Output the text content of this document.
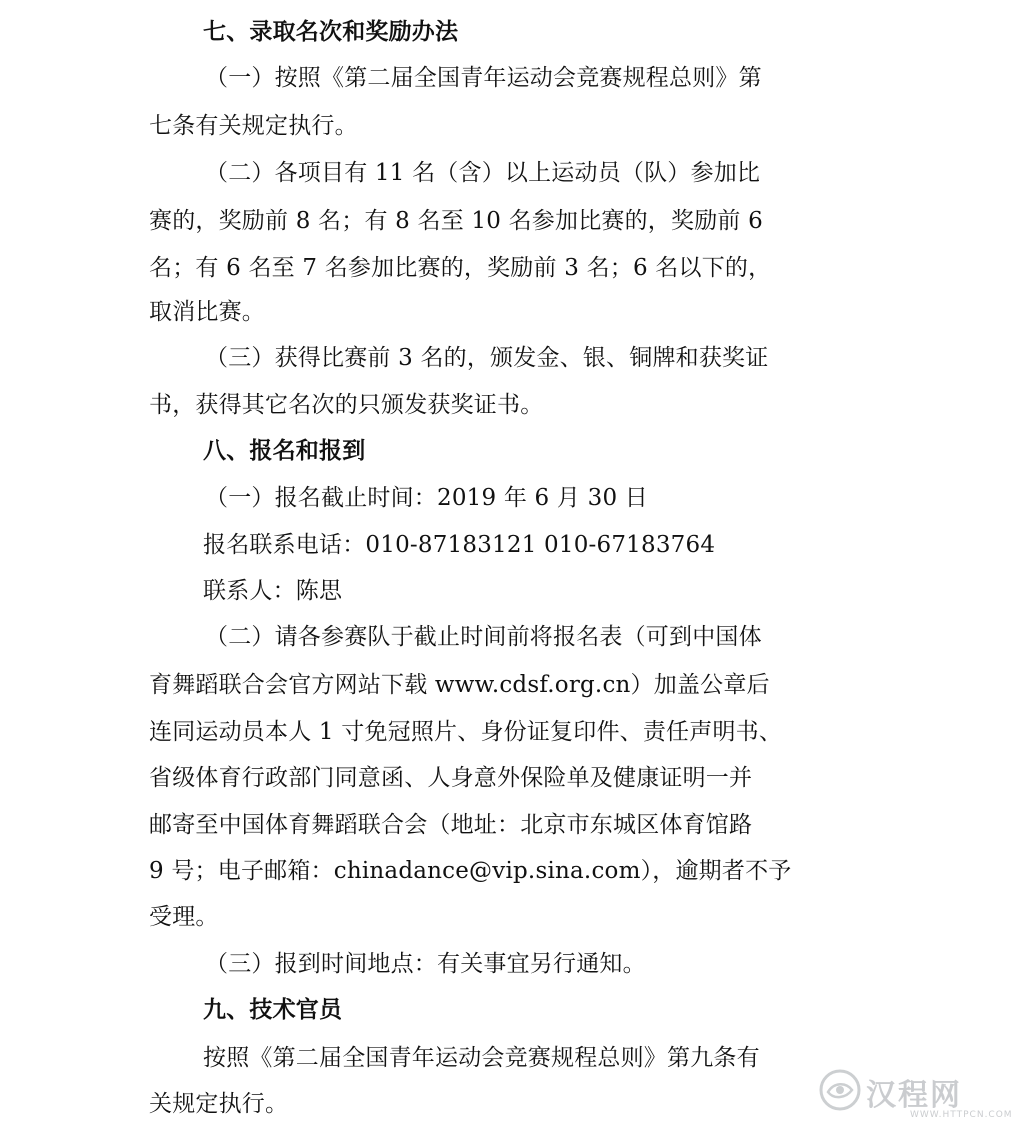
七、录取名次和奖励办法
（一）按照《第二届全国青年运动会竞赛规程总则》第
七条有关规定执行。
（二）各项目有 11 名（含）以上运动员（队）参加比
赛的，奖励前 8 名；有 8 名至 10 名参加比赛的，奖励前 6
名；有 6 名至 7 名参加比赛的，奖励前 3 名；6 名以下的，
取消比赛。
（三）获得比赛前 3 名的，颁发金、银、铜牌和获奖证
书，获得其它名次的只颁发获奖证书。
八、报名和报到
（一）报名截止时间：2019 年 6 月 30 日
报名联系电话：010-87183121 010-67183764
联系人：陈思
（二）请各参赛队于截止时间前将报名表（可到中国体
育舞蹈联合会官方网站下载 www.cdsf.org.cn）加盖公章后
连同运动员本人 1 寸免冠照片、身份证复印件、责任声明书、
省级体育行政部门同意函、人身意外保险单及健康证明一并
邮寄至中国体育舞蹈联合会（地址：北京市东城区体育馆路
9 号；电子邮箱：chinadance@vip.sina.com），逾期者不予
受理。
（三）报到时间地点：有关事宜另行通知。
九、技术官员
按照《第二届全国青年运动会竞赛规程总则》第九条有
关规定执行。	汉程网
WWW.HTTPCN.COM
